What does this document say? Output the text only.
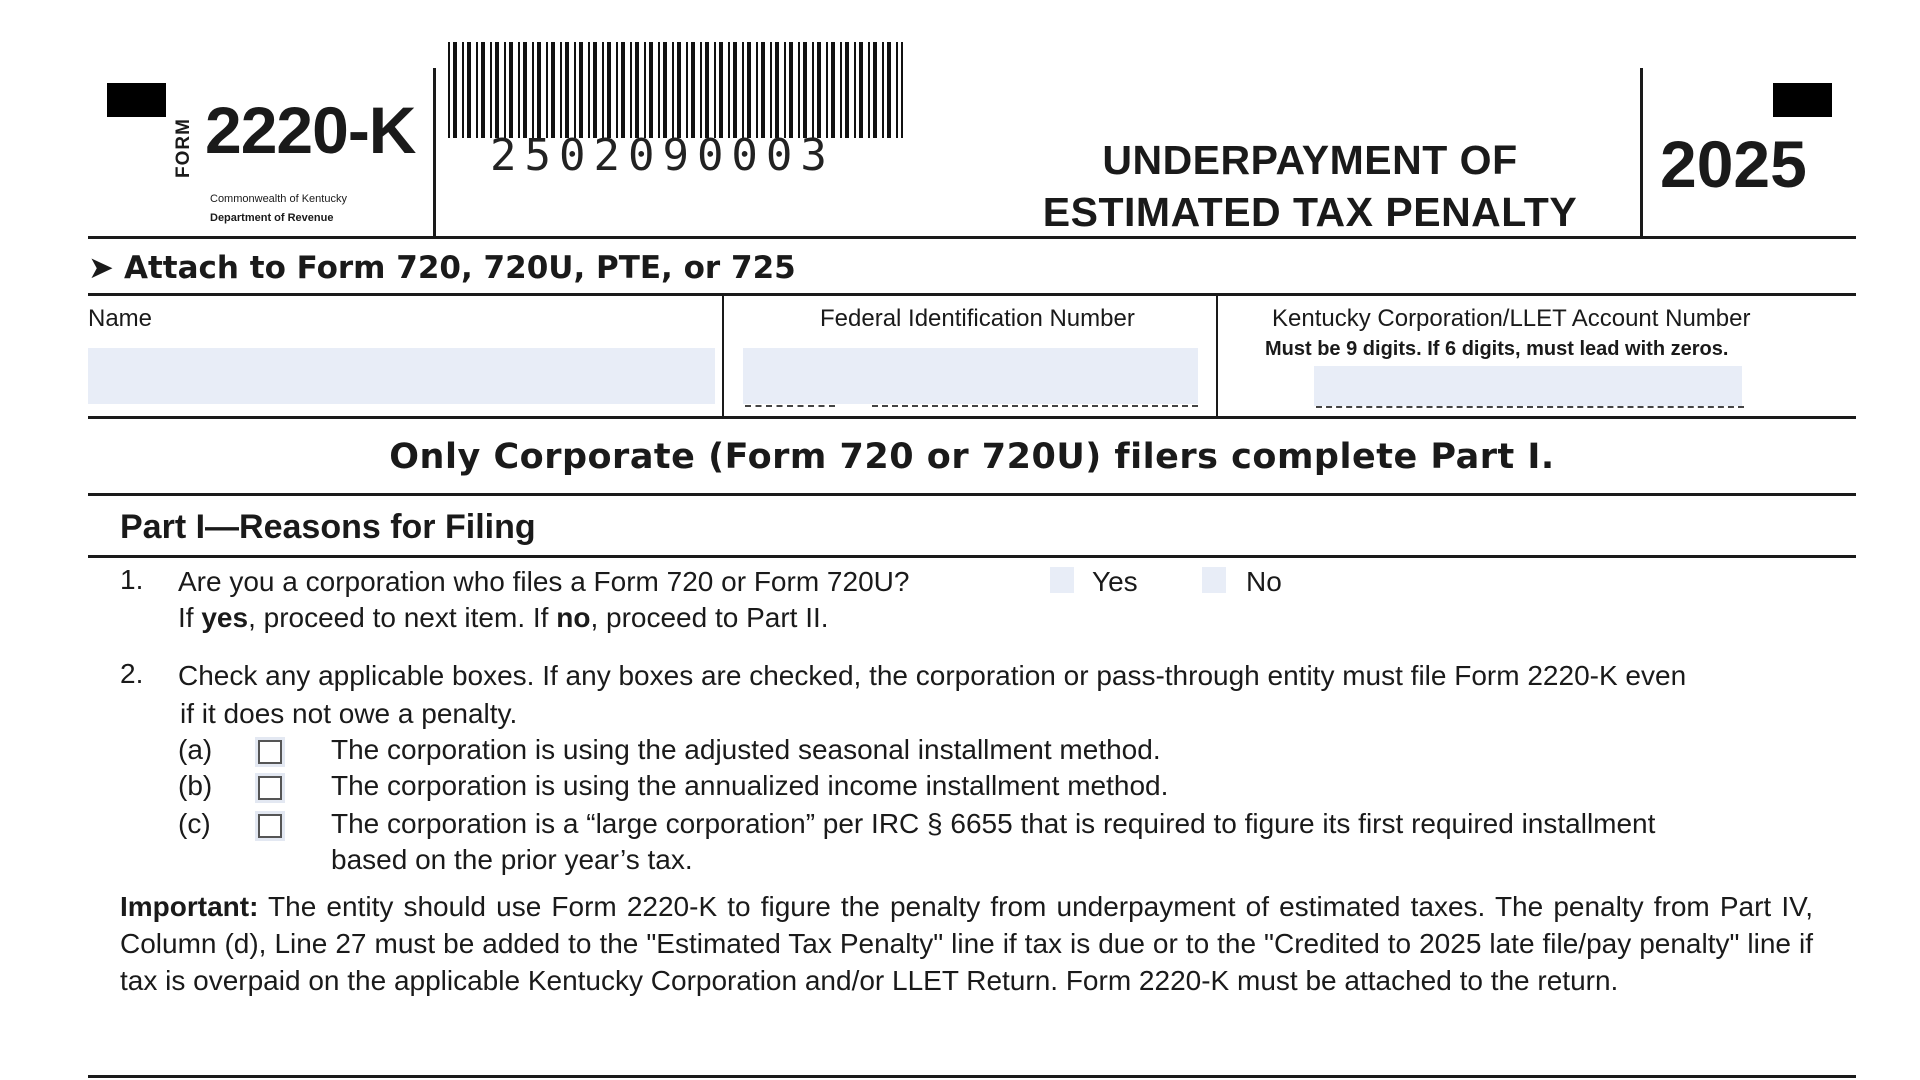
FORM 2220-K
Commonwealth of Kentucky
Department of Revenue
2502090003	UNDERPAYMENT OF
ESTIMATED TAX PENALTY
2025
➤ Attach to Form 720, 720U, PTE, or 725
Name	Federal Identification Number	Kentucky Corporation/LLET Account Number
Must be 9 digits. If 6 digits, must lead with zeros.
Only Corporate (Form 720 or 720U) filers complete Part I.
Part I—Reasons for Filing
1. Are you a corporation who files a Form 720 or Form 720U?	Yes	No
If yes, proceed to next item. If no, proceed to Part II.
2. Check any applicable boxes. If any boxes are checked, the corporation or pass-through entity must file Form 2220-K even
if it does not owe a penalty.
(a)	The corporation is using the adjusted seasonal installment method.
(b)	The corporation is using the annualized income installment method.
(c)	The corporation is a “large corporation” per IRC § 6655 that is required to figure its first required installment
based on the prior year’s tax.
Important: The entity should use Form 2220-K to figure the penalty from underpayment of estimated taxes. The penalty from Part IV, Column (d), Line 27 must be added to the "Estimated Tax Penalty" line if tax is due or to the "Credited to 2025 late file/pay penalty" line if tax is overpaid on the applicable Kentucky Corporation and/or LLET Return. Form 2220-K must be attached to the return.
